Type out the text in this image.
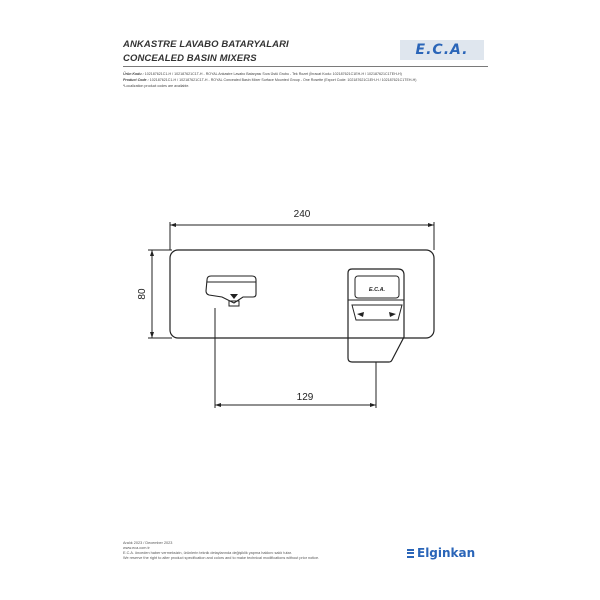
ANKASTRE LAVABO BATARYALARI
CONCEALED BASIN MIXERS
E.C.A.
Ürün Kodu : 102187621C1-H / 102187621C1T-H - ROYAL Ankastre Lavabo Bataryası Sıva Üstü Grubu - Tek Rozet (İhracat Kodu: 102187621C1EH-H / 102187621C1TEH-H)
Product Code : 102187621C1-H / 102187621C1T-H - ROYAL Concealed Basin Mixer Surface Mounted Group - One Rosette (Export Code: 102187621C1EH-H / 102187621C1TEH-H)
*Localization product codes are available.
240
80
129
E.C.A.
Aralık 2023 / December 2023
www.eca.com.tr
E.C.A. önceden haber vermeksizin, ürünlerin teknik detaylarında değişiklik yapma hakkını saklı tutar.
We reserve the right to alter product specification and colors and to make technical modifications without prior notice.	Elginkan
